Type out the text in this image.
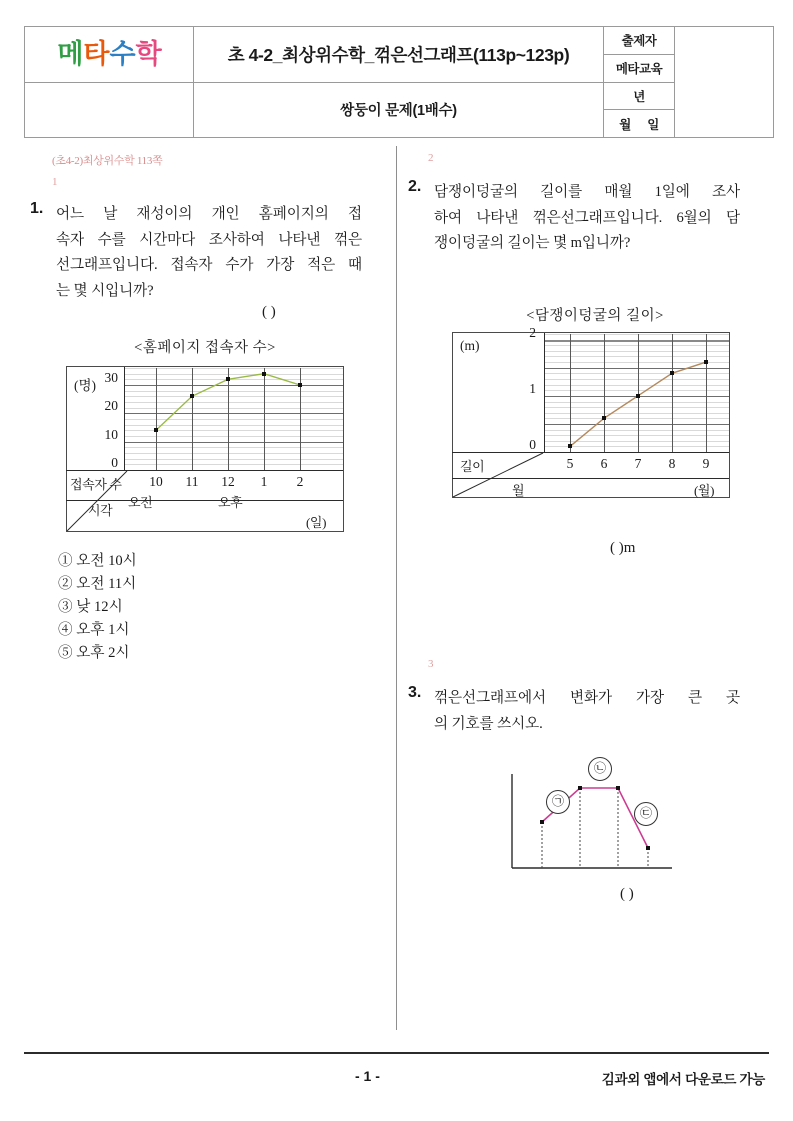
메 타 수 학	초 4-2_최상위수학_꺾은선그래프(113p~123p)	출제자	
		메타교육	
	쌍둥이 문제(1배수)	년	

		월 일	
(초4-2)최상위수학 113쪽
1
1. 어느 날 재성이의 개인 홈페이지의 접
속자 수를 시간마다 조사하여 나타낸 꺾은
선그래프입니다. 접속자 수가 가장 적은 때
는 몇 시입니까?
( )
<홈페이지 접속자 수>
(명)
0
10
20
30
10	11	12	1	2
오전	오후
(일)
접속자 수
시각
① 오전 10시
② 오전 11시
③ 낮 12시
④ 오후 1시
⑤ 오후 2시
2
2. 담쟁이덩굴의 길이를 매월 1일에 조사
하여 나타낸 꺾은선그래프입니다. 6월의 담
쟁이덩굴의 길이는 몇 m입니까?
<담쟁이덩굴의 길이>
(m)
0
1
2
5	6	7	8	9
길이
월	(월)
( )m
3
3. 꺾은선그래프에서 변화가 가장 큰 곳
의 기호를 쓰시오.
㉠
㉡
㉢
( )
- 1 -	김과외 앱에서 다운로드 가능
